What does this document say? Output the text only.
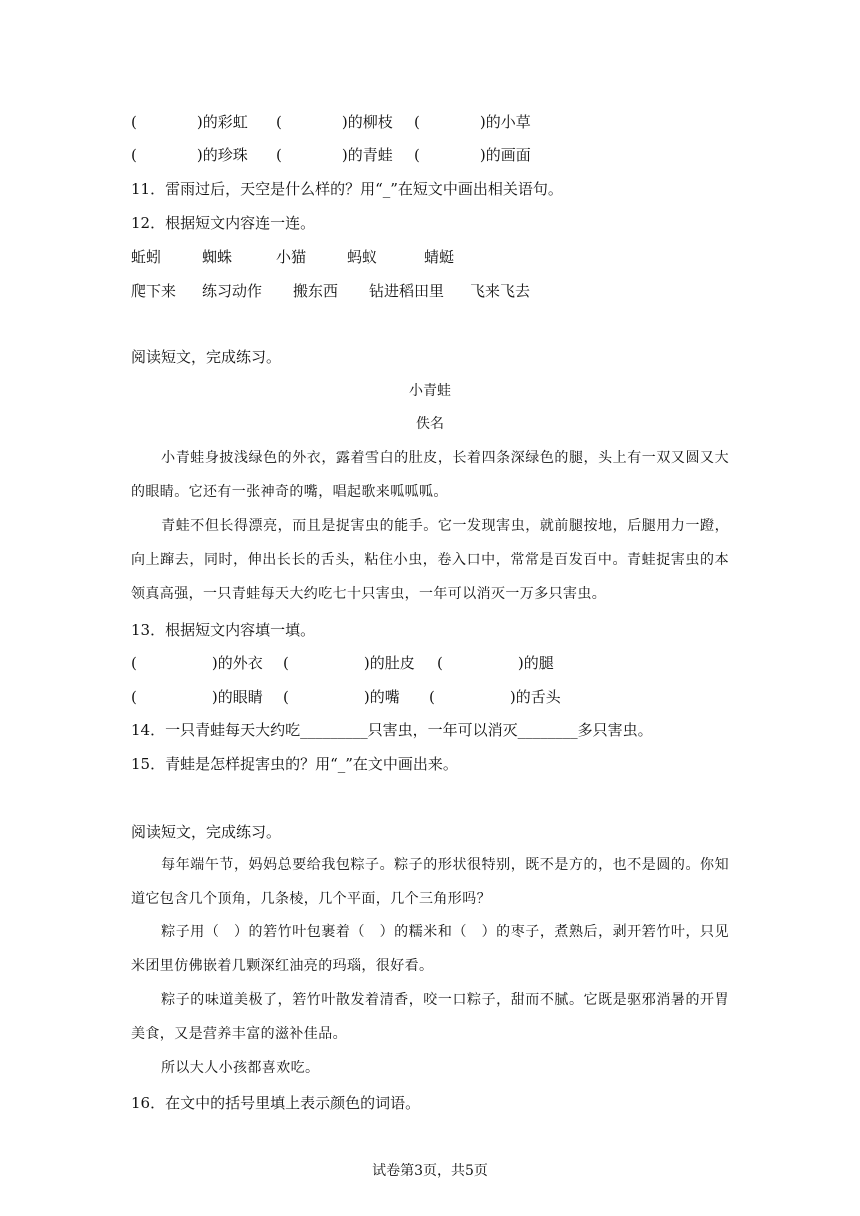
(　　　　)的彩虹 (　　　　)的柳枝 (　　　　)的小草
(　　　　)的珍珠 (　　　　)的青蛙 (　　　　)的画面
11．雷雨过后，天空是什么样的？用“_”在短文中画出相关语句。
12．根据短文内容连一连。
蚯蚓	蜘蛛	小猫	蚂蚁	蜻蜓
爬下来 练习动作 搬东西 钻进稻田里 飞来飞去
阅读短文，完成练习。
小青蛙
佚名
小青蛙身披浅绿色的外衣，露着雪白的肚皮，长着四条深绿色的腿，头上有一双又圆又大的眼睛。它还有一张神奇的嘴，唱起歌来呱呱呱。
青蛙不但长得漂亮，而且是捉害虫的能手。它一发现害虫，就前腿按地，后腿用力一蹬，向上蹿去，同时，伸出长长的舌头，粘住小虫，卷入口中，常常是百发百中。青蛙捉害虫的本领真高强，一只青蛙每天大约吃七十只害虫，一年可以消灭一万多只害虫。
13．根据短文内容填一填。
(　　　　　)的外衣 (　　　　　)的肚皮 (　　　　　)的腿
(　　　　　)的眼睛 (　　　　　)的嘴 (　　　　　)的舌头
14．一只青蛙每天大约吃_________只害虫，一年可以消灭________多只害虫。
15．青蛙是怎样捉害虫的？用“_”在文中画出来。
阅读短文，完成练习。
每年端午节，妈妈总要给我包粽子。粽子的形状很特别，既不是方的，也不是圆的。你知道它包含几个顶角，几条棱，几个平面，几个三角形吗？
粽子用（　）的箬竹叶包裹着（　）的糯米和（　）的枣子，煮熟后，剥开箬竹叶，只见米团里仿佛嵌着几颗深红油亮的玛瑙，很好看。
粽子的味道美极了，箬竹叶散发着清香，咬一口粽子，甜而不腻。它既是驱邪消暑的开胃美食，又是营养丰富的滋补佳品。
所以大人小孩都喜欢吃。
16．在文中的括号里填上表示颜色的词语。
试卷第3页，共5页
